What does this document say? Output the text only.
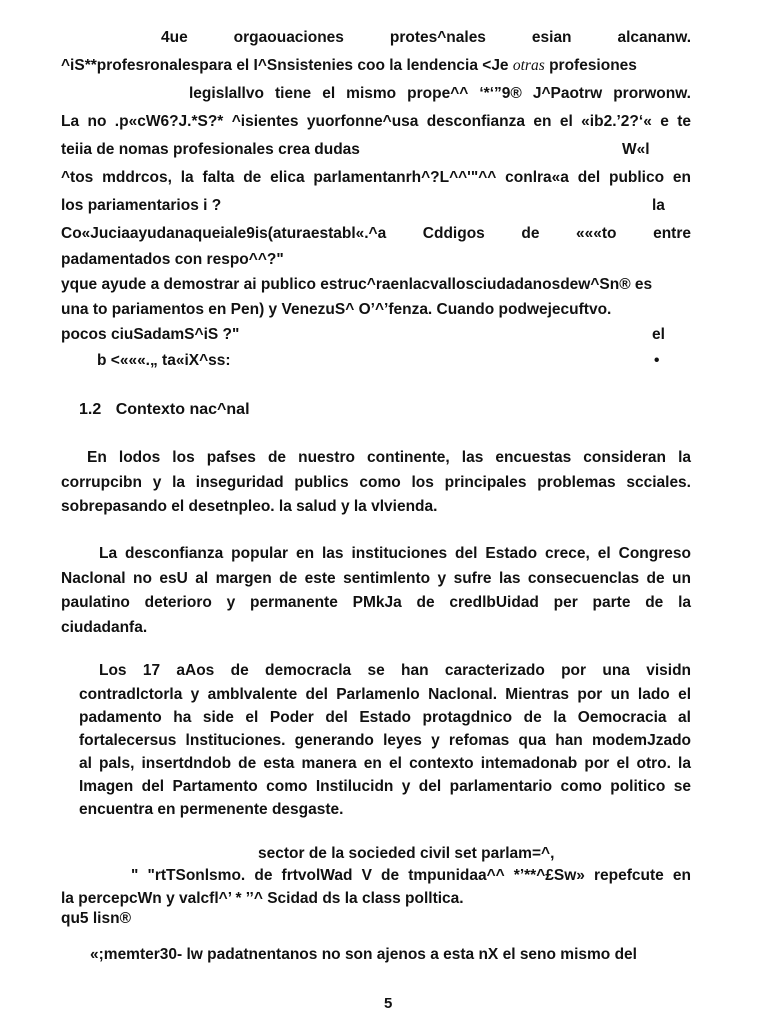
4ue orgaouaciones protes^nales esian alcananw.
^iS**profesronalespara el I^Snsistenies coo la lendencia <Je otras profesiones
legislallvo tiene el mismo prope^^ ‘*‘”9® J^Paotrw prorwonw.
La no .p«cW6?J.*S?* ^isientes yuorfonne^usa desconfianza en el «ib2.’2?‘« e te
teiia de nomas profesionales crea dudas	W«l
^tos mddrcos, la falta de elica parlamentanrh^?L^^'"^^ conlra«a del publico en
los pariamentarios i ?	la
Co«Juciaayudanaqueiale9is(aturaestabl«.^a Cddigos de «««to entre
padamentados con respo^^?"
yque ayude a demostrar ai publico estruc^raenlacvallosciudadanosdew^Sn® es
una to pariamentos en Pen) y VenezuS^ O’^’fenza. Cuando podwejecuftvo.
pocos ciuSadamS^iS ?"	el
b <«««.„ ta«iX^ss:	•
1.2 Contexto nac^nal
En lodos los pafses de nuestro continente, las encuestas consideran la
corrupcibn y la inseguridad publics como los principales problemas scciales.
sobrepasando el desetnpleo. la salud y la vlvienda.
La desconfianza popular en las instituciones del Estado crece, el Congreso
Naclonal no esU al margen de este sentimlento y sufre las consecuenclas de un
paulatino deterioro y permanente PMkJa de credlbUidad per parte de la
ciudadanfa.
Los 17 aAos de democracla se han caracterizado por una visidn
contradlctorla y amblvalente del Parlamenlo Naclonal. Mientras por un lado el
padamento ha side el Poder del Estado protagdnico de la Oemocracia al
fortalecersus lnstituciones. generando leyes y refomas qua han modemJzado
al pals, insertdndob de esta manera en el contexto intemadonab por el otro. la
Imagen del Partamento como Instilucidn y del parlamentario como politico se
encuentra en permenente desgaste.
sector de la socieded civil set parlam=^,
" "rtTSonlsmo. de frtvolWad V de tmpunidaa^^ *’**^£Sw» repefcute en
la percepcWn y valcfl^’ * ’’^ Scidad ds la class polltica.
qu5 lisn®
«;memter30- lw padatnentanos no son ajenos a esta nX el seno mismo del
5
